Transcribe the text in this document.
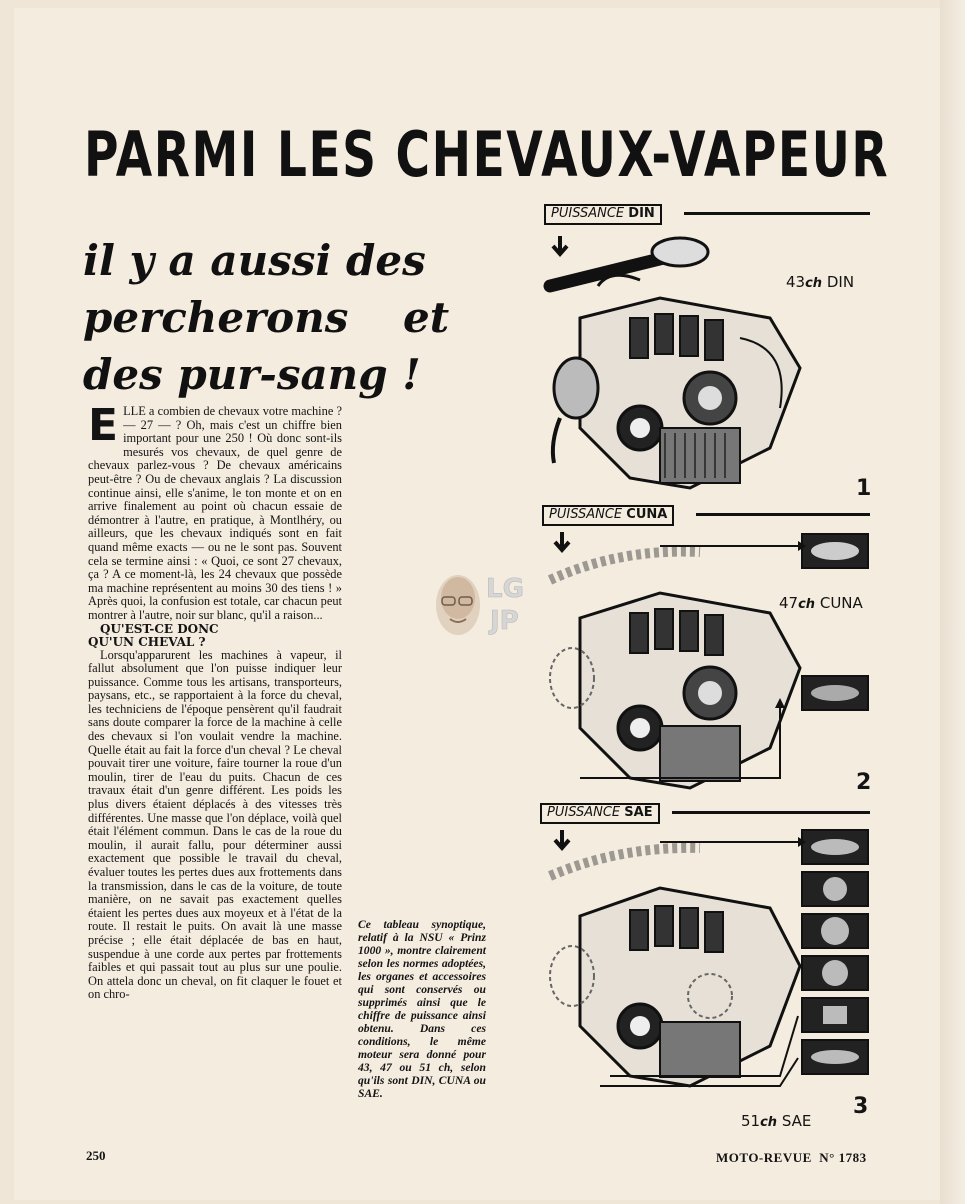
PARMI LES CHEVAUX-VAPEUR
il y a aussi des
percherons et
des pur-sang !

ELLE a combien de chevaux votre machine ? — 27 — ? Oh, mais c'est un chiffre bien important pour une 250 ! Où donc sont-ils mesurés vos chevaux, de quel genre de chevaux parlez-vous ? De chevaux américains peut-être ? Ou de chevaux anglais ? La discussion continue ainsi, elle s'anime, le ton monte et on en arrive finalement au point où chacun essaie de démontrer à l'autre, en pratique, à Montlhéry, ou ailleurs, que les chevaux indiqués sont en fait quand même exacts — ou ne le sont pas. Souvent cela se termine ainsi : « Quoi, ce sont 27 chevaux, ça ? A ce moment-là, les 24 chevaux que possède ma machine représentent au moins 30 des tiens ! » Après quoi, la confusion est totale, car chacun peut montrer à l'autre, noir sur blanc, qu'il a raison...

QU'EST-CE DONC
QU'UN CHEVAL ?

Lorsqu'apparurent les machines à vapeur, il fallut absolument que l'on puisse indiquer leur puissance. Comme tous les artisans, transporteurs, paysans, etc., se rapportaient à la force du cheval, les techniciens de l'époque pensèrent qu'il faudrait sans doute comparer la force de la machine à celle des chevaux si l'on voulait vendre la machine. Quelle était au fait la force d'un cheval ? Le cheval pouvait tirer une voiture, faire tourner la roue d'un moulin, tirer de l'eau du puits. Chacun de ces travaux était d'un genre différent. Les poids les plus divers étaient déplacés à des vitesses très différentes. Une masse que l'on déplace, voilà quel était l'élément commun. Dans le cas de la roue du moulin, il aurait fallu, pour déterminer aussi exactement que possible le travail du cheval, évaluer toutes les pertes dues aux frottements dans la transmission, dans le cas de la voiture, de toute manière, on ne savait pas exactement quelles étaient les pertes dues aux moyeux et à l'état de la route. Il restait le puits. On avait là une masse précise ; elle était déplacée de bas en haut, suspendue à une corde aux pertes par frottements faibles et qui passait tout au plus sur une poulie. On attela donc un cheval, on fit claquer le fouet et on chro-

Ce tableau synoptique, relatif à la NSU « Prinz 1000 », montre clairement selon les normes adoptées, les organes et accessoires qui sont conservés ou supprimés ainsi que le chiffre de puissance ainsi obtenu. Dans ces conditions, le même moteur sera donné pour 43, 47 ou 51 ch, selon qu'ils sont DIN, CUNA ou SAE.
250	MOTO-REVUE N° 1783
LG
JP
PUISSANCE DIN
43ch DIN
1
PUISSANCE CUNA
47ch CUNA
2
PUISSANCE SAE
51ch SAE
3
